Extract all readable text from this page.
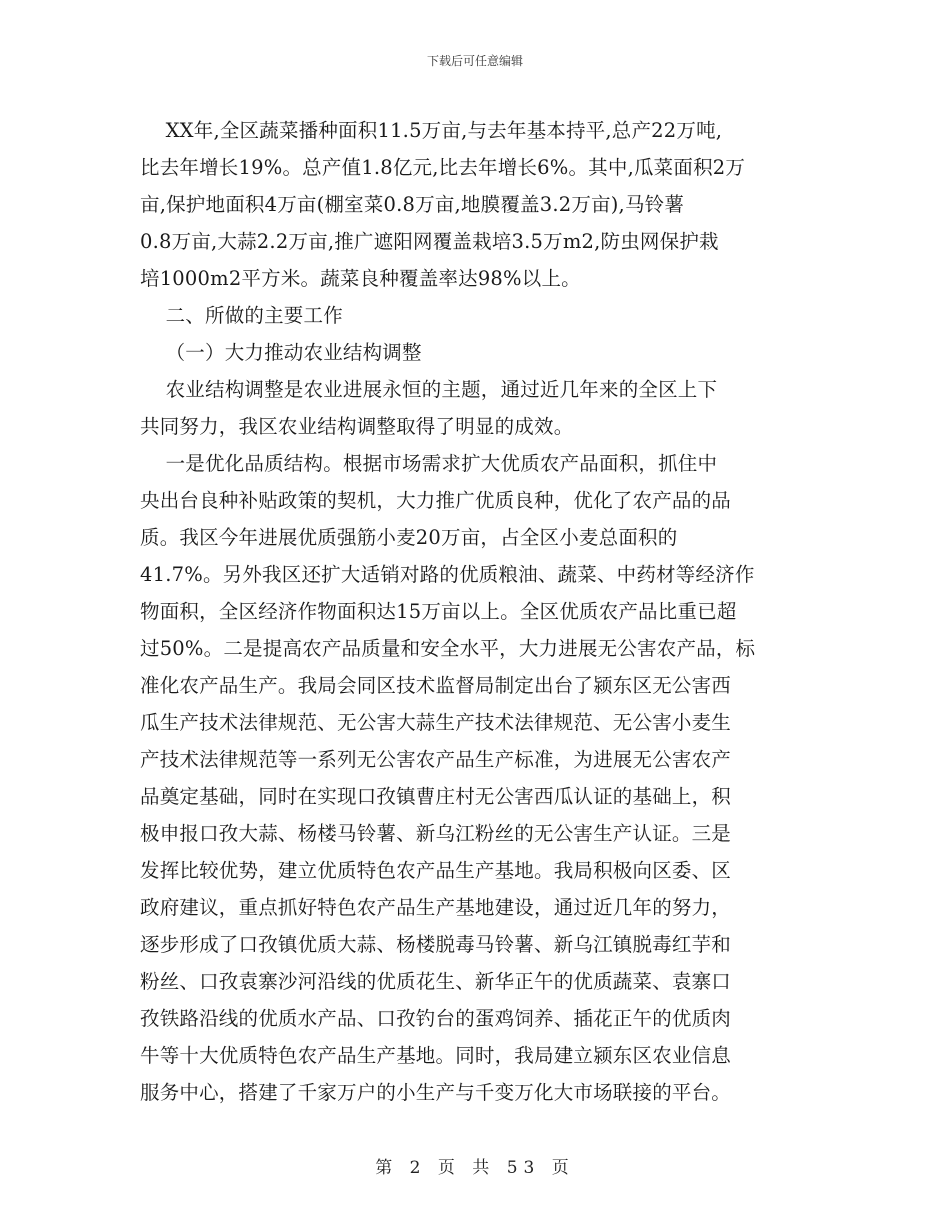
下载后可任意编辑
XX年,全区蔬菜播种面积11.5万亩,与去年基本持平,总产22万吨,
比去年增长19%。总产值1.8亿元,比去年增长6%。其中,瓜菜面积2万
亩,保护地面积4万亩(棚室菜0.8万亩,地膜覆盖3.2万亩),马铃薯
0.8万亩,大蒜2.2万亩,推广遮阳网覆盖栽培3.5万m2,防虫网保护栽
培1000m2平方米。蔬菜良种覆盖率达98%以上。
二、所做的主要工作
（一）大力推动农业结构调整
农业结构调整是农业进展永恒的主题，通过近几年来的全区上下
共同努力，我区农业结构调整取得了明显的成效。
一是优化品质结构。根据市场需求扩大优质农产品面积，抓住中
央出台良种补贴政策的契机，大力推广优质良种，优化了农产品的品
质。我区今年进展优质强筋小麦20万亩，占全区小麦总面积的
41.7%。另外我区还扩大适销对路的优质粮油、蔬菜、中药材等经济作
物面积，全区经济作物面积达15万亩以上。全区优质农产品比重已超
过50%。二是提高农产品质量和安全水平，大力进展无公害农产品，标
准化农产品生产。我局会同区技术监督局制定出台了颍东区无公害西
瓜生产技术法律规范、无公害大蒜生产技术法律规范、无公害小麦生
产技术法律规范等一系列无公害农产品生产标准，为进展无公害农产
品奠定基础，同时在实现口孜镇曹庄村无公害西瓜认证的基础上，积
极申报口孜大蒜、杨楼马铃薯、新乌江粉丝的无公害生产认证。三是
发挥比较优势，建立优质特色农产品生产基地。我局积极向区委、区
政府建议，重点抓好特色农产品生产基地建设，通过近几年的努力，
逐步形成了口孜镇优质大蒜、杨楼脱毒马铃薯、新乌江镇脱毒红芋和
粉丝、口孜袁寨沙河沿线的优质花生、新华正午的优质蔬菜、袁寨口
孜铁路沿线的优质水产品、口孜钓台的蛋鸡饲养、插花正午的优质肉
牛等十大优质特色农产品生产基地。同时，我局建立颍东区农业信息
服务中心，搭建了千家万户的小生产与千变万化大市场联接的平台。
第 2 页 共 53 页
